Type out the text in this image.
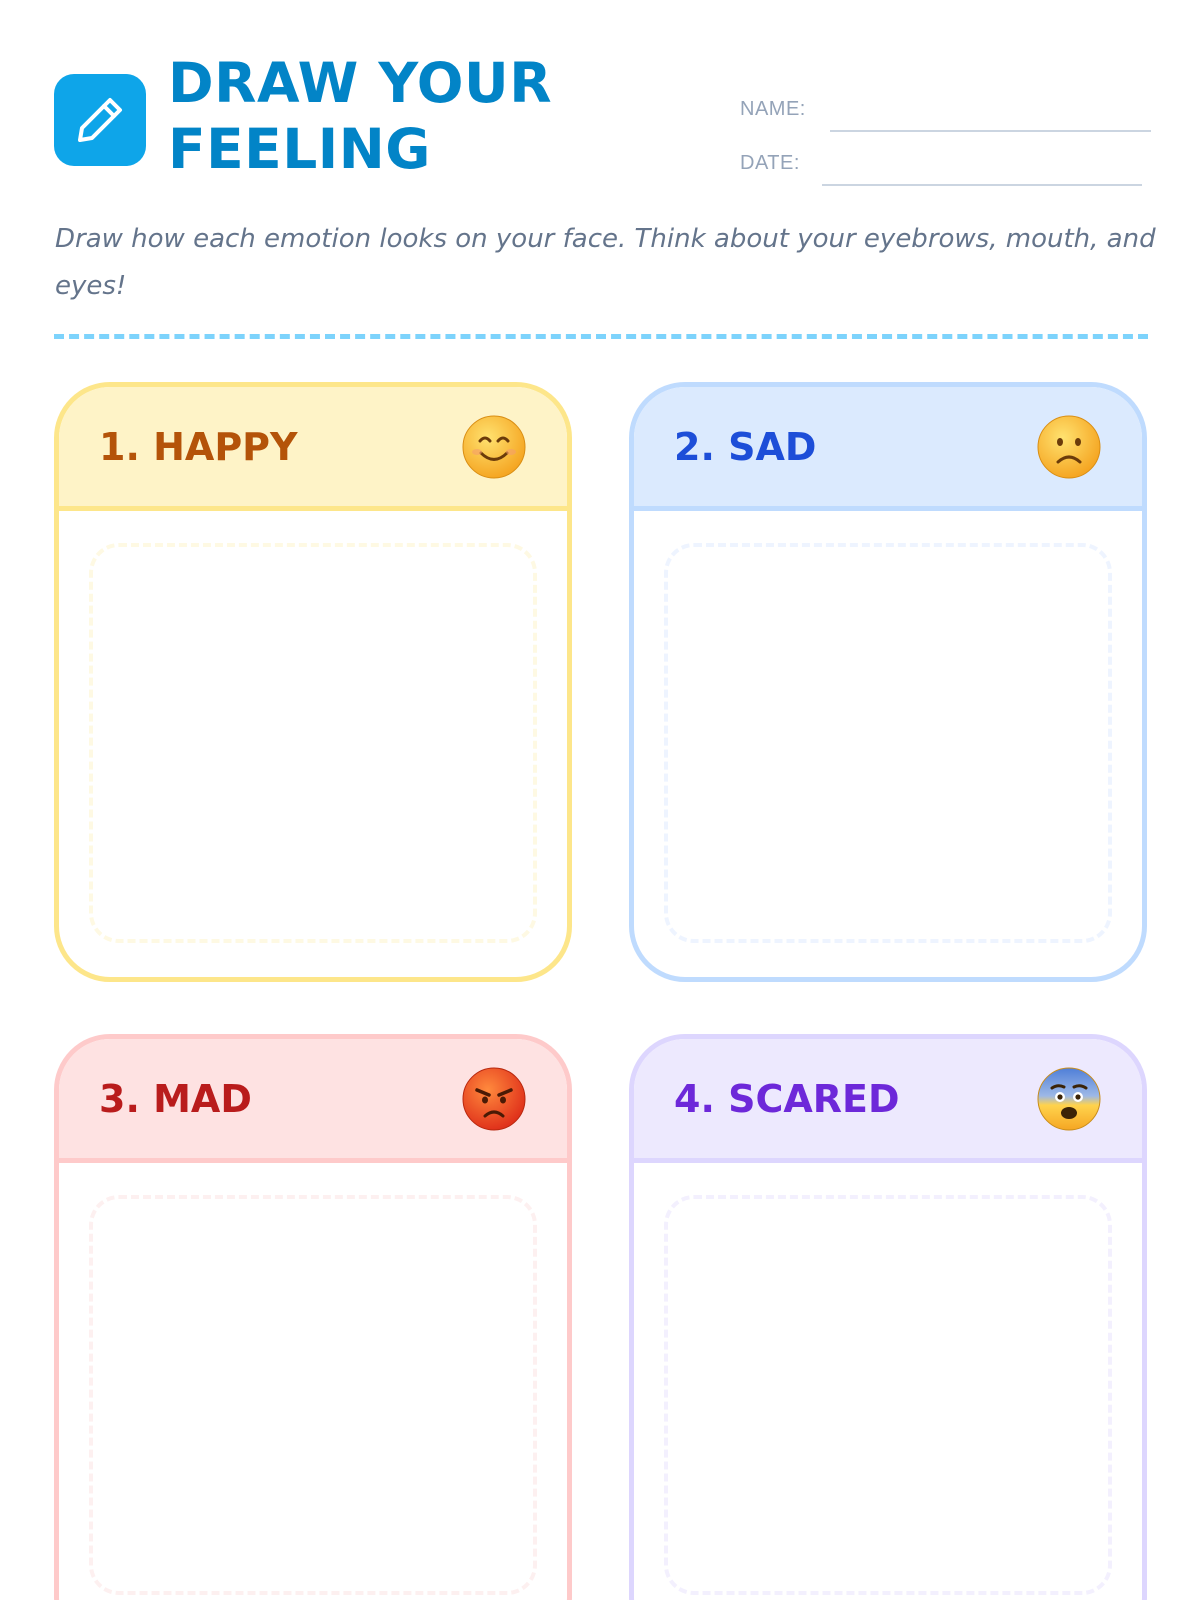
DRAW YOUR
FEELING
NAME:
DATE:

Draw how each emotion looks on your face. Think about your eyebrows, mouth, and eyes!

1. HAPPY	2. SAD
3. MAD	4. SCARED
